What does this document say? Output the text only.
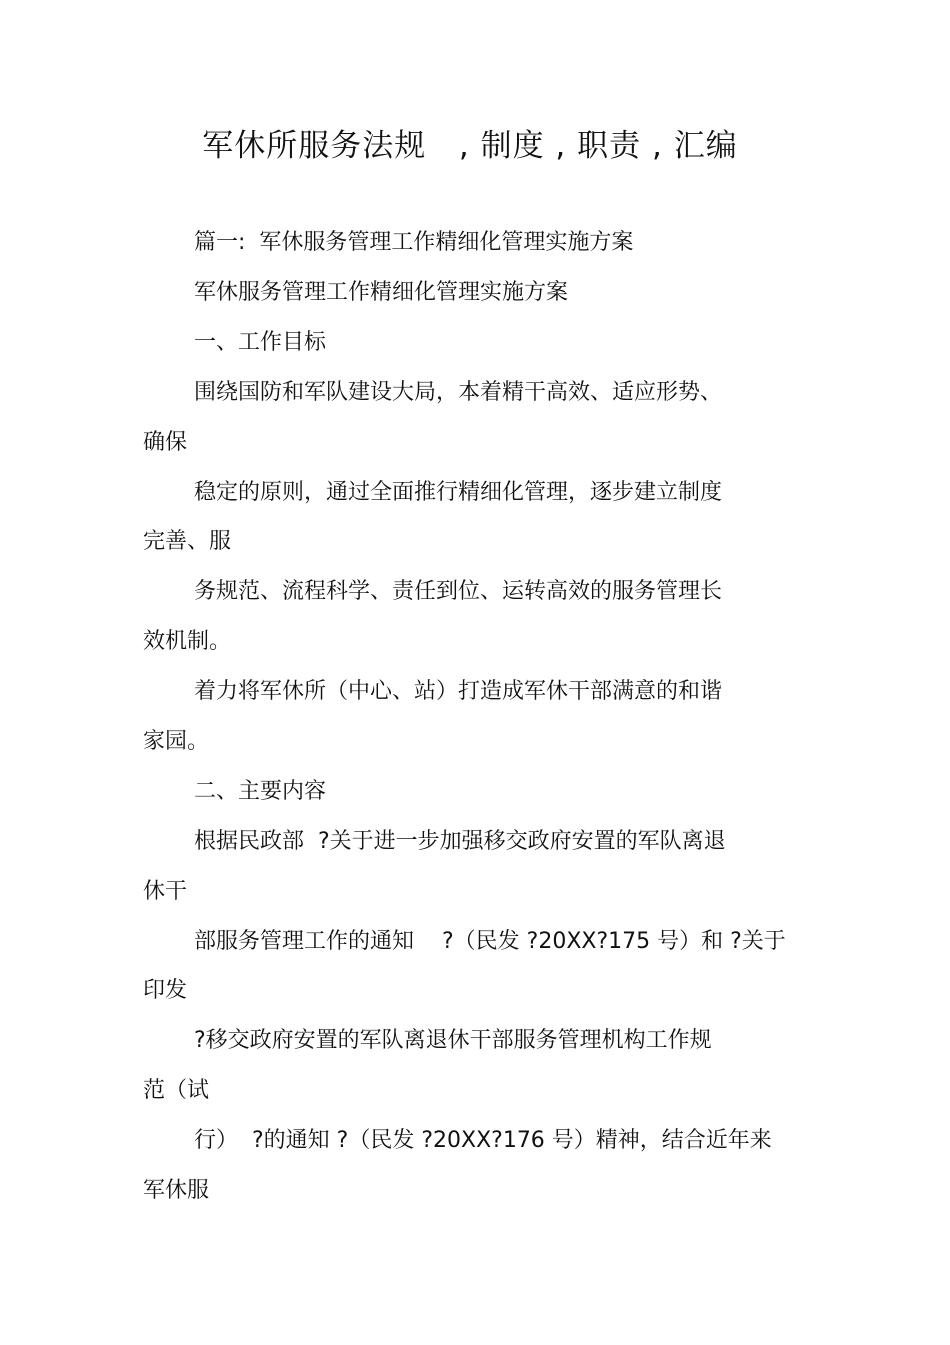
军休所服务法规   , 制度 , 职责 , 汇编
篇一:  军休服务管理工作精细化管理实施方案
军休服务管理工作精细化管理实施方案
一、工作目标
围绕国防和军队建设大局，本着精干高效、适应形势、
确保
稳定的原则，通过全面推行精细化管理，逐步建立制度
完善、服
务规范、流程科学、责任到位、运转高效的服务管理长
效机制。
着力将军休所（中心、站）打造成军休干部满意的和谐
家园。
二、主要内容
根据民政部  ?关于进一步加强移交政府安置的军队离退
休干
部服务管理工作的通知    ?（民发 ?20XX?175 号）和 ?关于
印发
?移交政府安置的军队离退休干部服务管理机构工作规
范（试
行）  ?的通知 ?（民发 ?20XX?176 号）精神，结合近年来
军休服
